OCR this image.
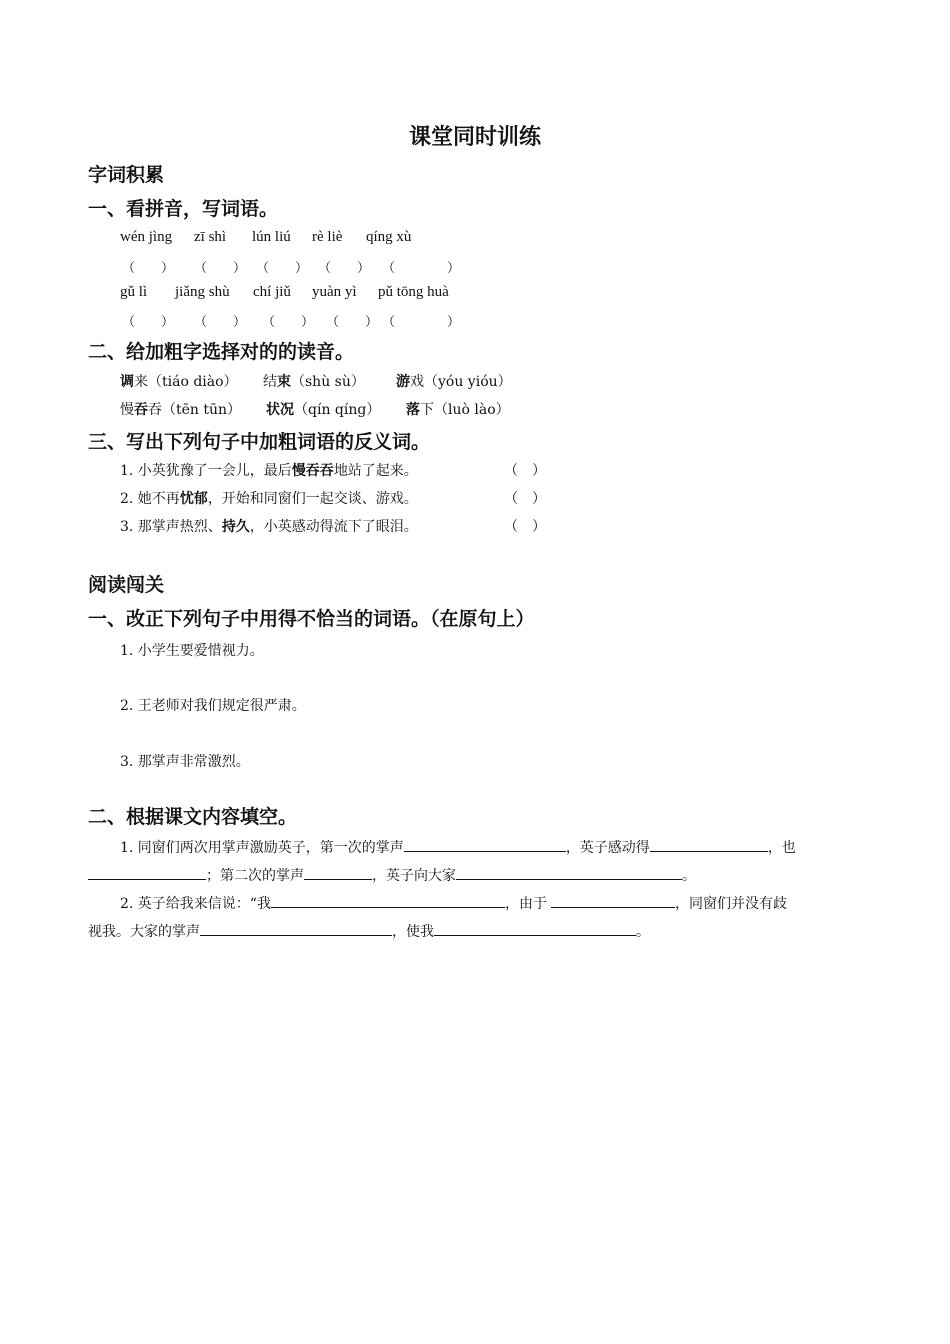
课堂同时训练
字词积累
一、看拼音，写词语。
wén jìng zī shì lún liú rè liè qíng xù
（　　） （　　） （　　） （　　） （	）
gǔ lì jiǎng shù chí jiǔ yuàn yì pǔ tōng huà
（　　） （ ） （　　） （　　） （	）
二、给加粗字选择对的的读音。
调来（tiáo diào） 结束（shù sù） 游戏（yóu yióu）
慢吞吞（tēn tūn） 状况（qín qíng） 落下（luò lào）
三、写出下列句子中加粗词语的反义词。
1. 小英犹豫了一会儿，最后慢吞吞地站了起来。	（　）
2. 她不再忧郁，开始和同窗们一起交谈、游戏。	（　）
3. 那掌声热烈、持久，小英感动得流下了眼泪。	（　）
阅读闯关
一、改正下列句子中用得不恰当的词语。（在原句上）
1. 小学生要爱惜视力。
2. 王老师对我们规定很严肃。
3. 那掌声非常激烈。
二、根据课文内容填空。
1. 同窗们两次用掌声激励英子，第一次的掌声	，英子感动得	，也
；第二次的掌声	，英子向大家	。
2. 英子给我来信说：“我	，由于	，同窗们并没有歧
视我。大家的掌声	，使我	。
